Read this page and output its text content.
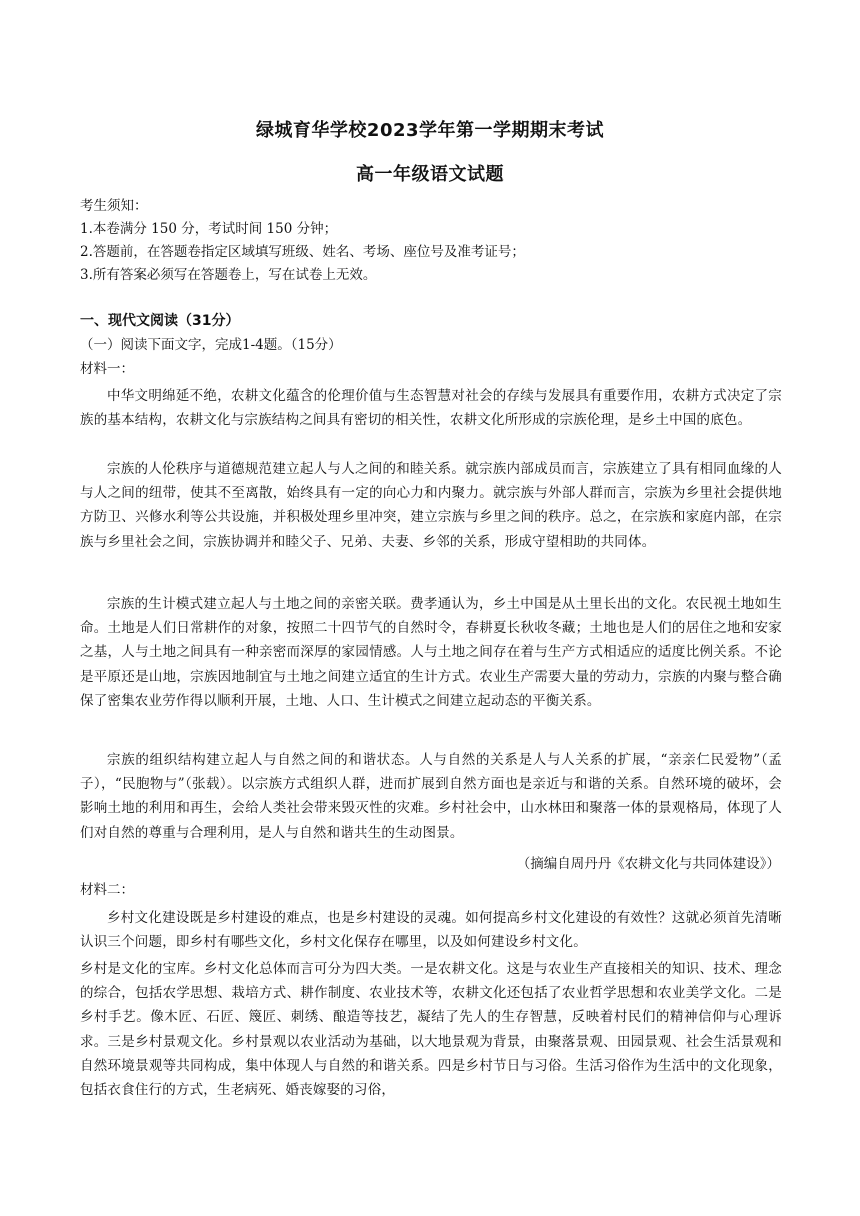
绿城育华学校2023学年第一学期期末考试
高一年级语文试题
考生须知：
1.本卷满分 150 分，考试时间 150 分钟；
2.答题前，在答题卷指定区域填写班级、姓名、考场、座位号及准考证号；
3.所有答案必须写在答题卷上，写在试卷上无效。
一、现代文阅读（31分）
（一）阅读下面文字，完成1-4题。（15分）
材料一：
中华文明绵延不绝，农耕文化蕴含的伦理价值与生态智慧对社会的存续与发展具有重要作用，农耕方式决定了宗族的基本结构，农耕文化与宗族结构之间具有密切的相关性，农耕文化所形成的宗族伦理，是乡土中国的底色。
宗族的人伦秩序与道德规范建立起人与人之间的和睦关系。就宗族内部成员而言，宗族建立了具有相同血缘的人与人之间的纽带，使其不至离散，始终具有一定的向心力和内聚力。就宗族与外部人群而言，宗族为乡里社会提供地方防卫、兴修水利等公共设施，并积极处理乡里冲突，建立宗族与乡里之间的秩序。总之，在宗族和家庭内部，在宗族与乡里社会之间，宗族协调并和睦父子、兄弟、夫妻、乡邻的关系，形成守望相助的共同体。
宗族的生计模式建立起人与土地之间的亲密关联。费孝通认为，乡土中国是从土里长出的文化。农民视土地如生命。土地是人们日常耕作的对象，按照二十四节气的自然时令，春耕夏长秋收冬藏；土地也是人们的居住之地和安家之基，人与土地之间具有一种亲密而深厚的家园情感。人与土地之间存在着与生产方式相适应的适度比例关系。不论是平原还是山地，宗族因地制宜与土地之间建立适宜的生计方式。农业生产需要大量的劳动力，宗族的内聚与整合确保了密集农业劳作得以顺利开展，土地、人口、生计模式之间建立起动态的平衡关系。
宗族的组织结构建立起人与自然之间的和谐状态。人与自然的关系是人与人关系的扩展，“亲亲仁民爱物”（孟子），“民胞物与”（张载）。以宗族方式组织人群，进而扩展到自然方面也是亲近与和谐的关系。自然环境的破坏，会影响土地的利用和再生，会给人类社会带来毁灭性的灾难。乡村社会中，山水林田和聚落一体的景观格局，体现了人们对自然的尊重与合理利用，是人与自然和谐共生的生动图景。
（摘编自周丹丹《农耕文化与共同体建设》）
材料二：
乡村文化建设既是乡村建设的难点，也是乡村建设的灵魂。如何提高乡村文化建设的有效性？这就必须首先清晰认识三个问题，即乡村有哪些文化，乡村文化保存在哪里，以及如何建设乡村文化。
乡村是文化的宝库。乡村文化总体而言可分为四大类。一是农耕文化。这是与农业生产直接相关的知识、技术、理念的综合，包括农学思想、栽培方式、耕作制度、农业技术等，农耕文化还包括了农业哲学思想和农业美学文化。二是乡村手艺。像木匠、石匠、篾匠、刺绣、酿造等技艺，凝结了先人的生存智慧，反映着村民们的精神信仰与心理诉求。三是乡村景观文化。乡村景观以农业活动为基础，以大地景观为背景，由聚落景观、田园景观、社会生活景观和自然环境景观等共同构成，集中体现人与自然的和谐关系。四是乡村节日与习俗。生活习俗作为生活中的文化现象，包括衣食住行的方式，生老病死、婚丧嫁娶的习俗，
